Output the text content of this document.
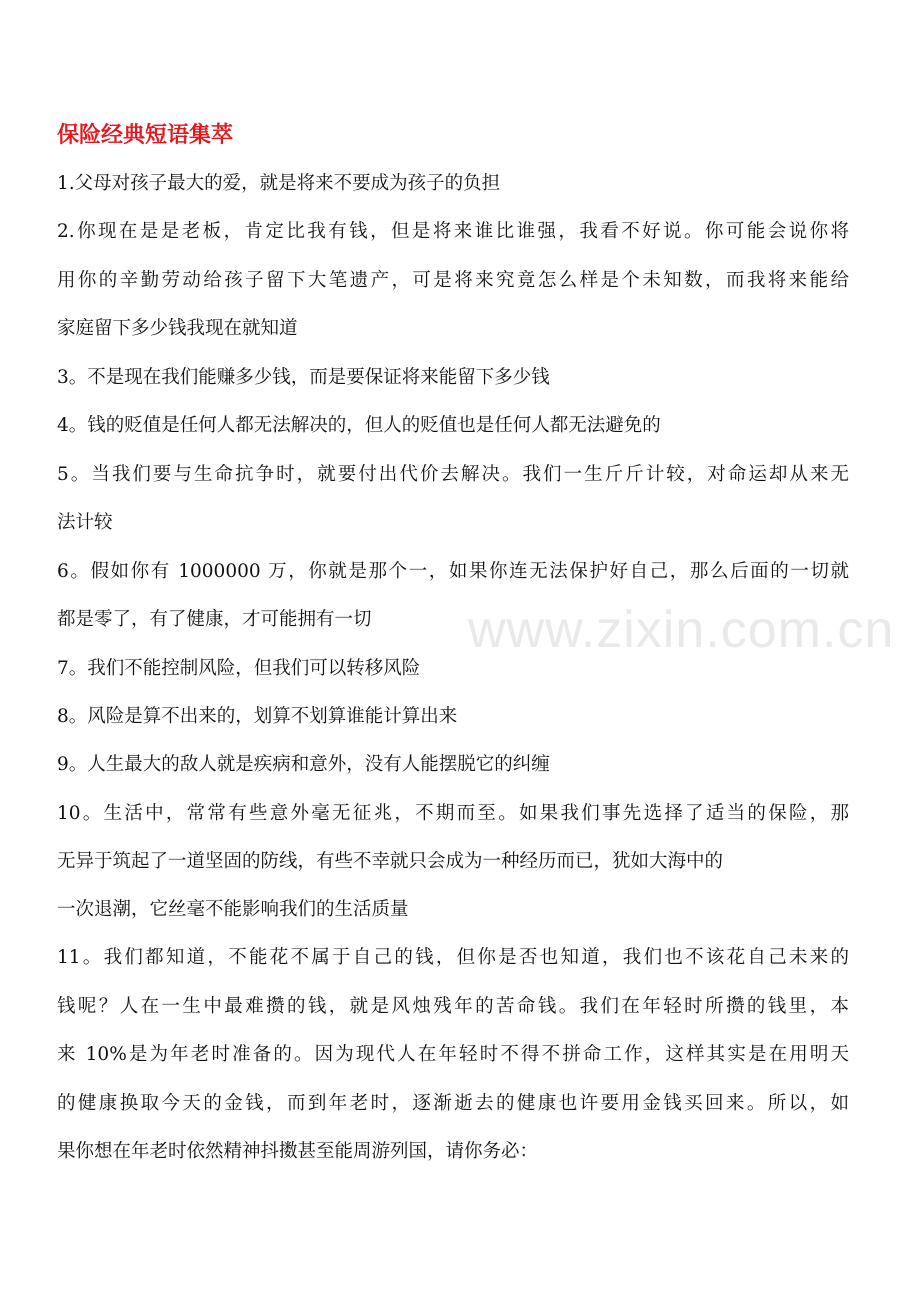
www.zixin.com.cn
保险经典短语集萃
1.父母对孩子最大的爱，就是将来不要成为孩子的负担
2.你现在是是老板，肯定比我有钱，但是将来谁比谁强，我看不好说。你可能会说你将
用你的辛勤劳动给孩子留下大笔遗产，可是将来究竟怎么样是个未知数，而我将来能给
家庭留下多少钱我现在就知道
3。不是现在我们能赚多少钱，而是要保证将来能留下多少钱
4。钱的贬值是任何人都无法解决的，但人的贬值也是任何人都无法避免的
5。当我们要与生命抗争时，就要付出代价去解决。我们一生斤斤计较，对命运却从来无
法计较
6。假如你有 1000000 万，你就是那个一，如果你连无法保护好自己，那么后面的一切就
都是零了，有了健康，才可能拥有一切
7。我们不能控制风险，但我们可以转移风险
8。风险是算不出来的，划算不划算谁能计算出来
9。人生最大的敌人就是疾病和意外，没有人能摆脱它的纠缠
10。生活中，常常有些意外毫无征兆，不期而至。如果我们事先选择了适当的保险，那
无异于筑起了一道坚固的防线，有些不幸就只会成为一种经历而已，犹如大海中的
一次退潮，它丝毫不能影响我们的生活质量
11。我们都知道，不能花不属于自己的钱，但你是否也知道，我们也不该花自己未来的
钱呢？人在一生中最难攒的钱，就是风烛残年的苦命钱。我们在年轻时所攒的钱里，本
来 10%是为年老时准备的。因为现代人在年轻时不得不拼命工作，这样其实是在用明天
的健康换取今天的金钱，而到年老时，逐渐逝去的健康也许要用金钱买回来。所以，如
果你想在年老时依然精神抖擞甚至能周游列国，请你务必：
